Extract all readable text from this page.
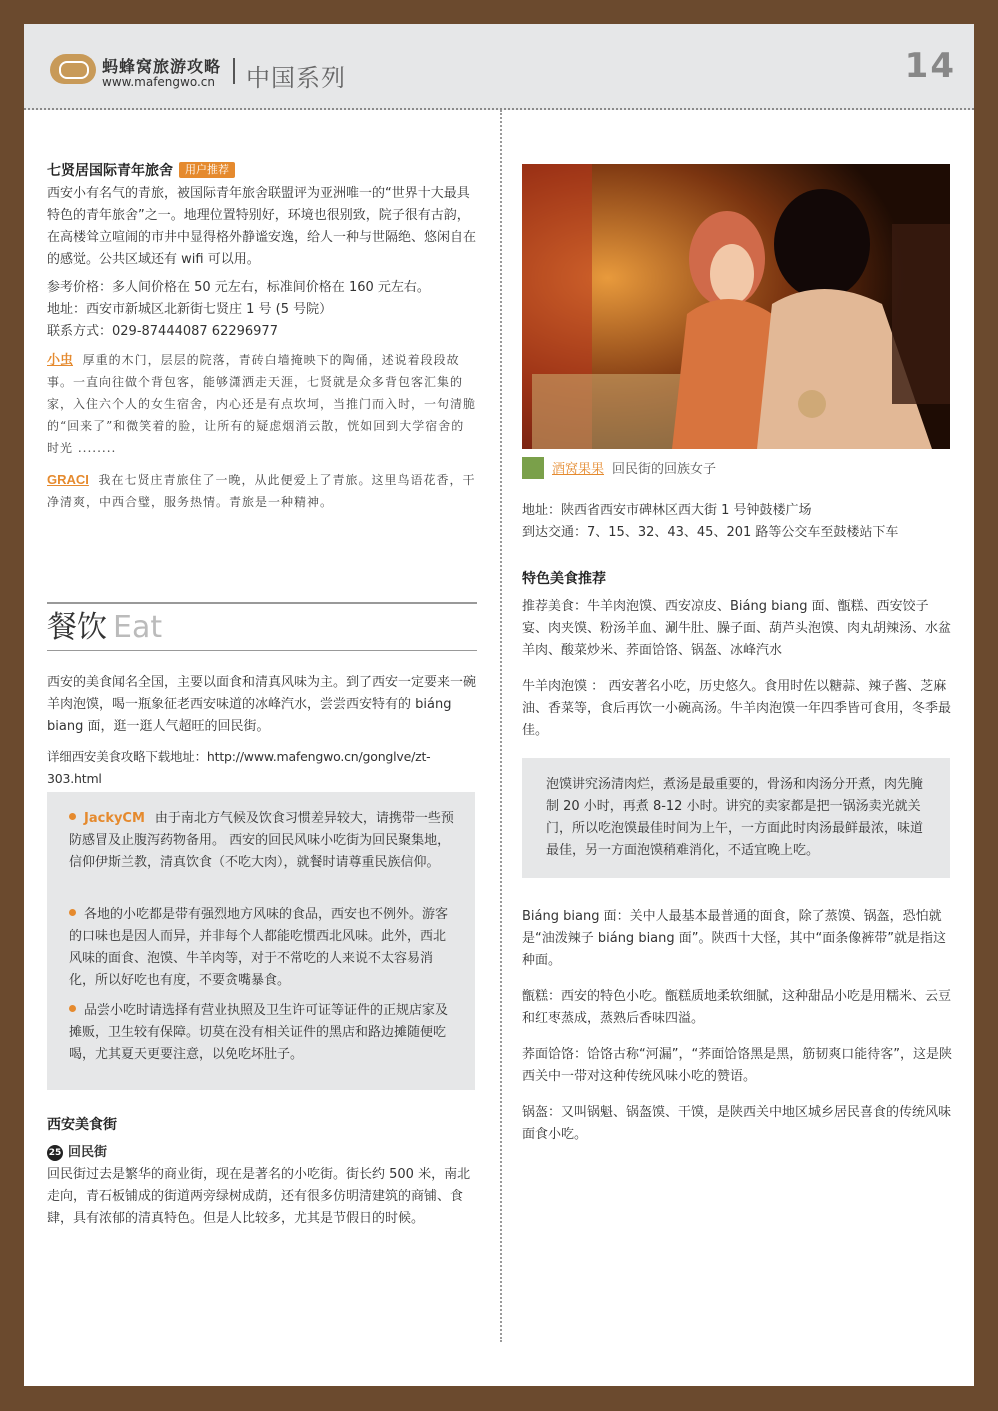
蚂蜂窝旅游攻略
www.mafengwo.cn 中国系列	14

七贤居国际青年旅舍 用户推荐

西安小有名气的青旅，被国际青年旅舍联盟评为亚洲唯一的“世界十大最具特色的青年旅舍”之一。地理位置特别好，环境也很别致，院子很有古韵，在高楼耸立喧闹的市井中显得格外静谧安逸，给人一种与世隔绝、悠闲自在的感觉。公共区域还有 wifi 可以用。

参考价格：多人间价格在 50 元左右，标准间价格在 160 元左右。

地址：西安市新城区北新街七贤庄 1 号 (5 号院）

联系方式：029-87444087 62296977

小虫 厚重的木门，层层的院落，青砖白墙掩映下的陶俑，述说着段段故事。一直向往做个背包客，能够潇洒走天涯，七贤就是众多背包客汇集的家，入住六个人的女生宿舍，内心还是有点坎坷，当推门而入时，一句清脆的“回来了”和微笑着的脸，让所有的疑虑烟消云散，恍如回到大学宿舍的时光 ........

GRACI 我在七贤庄青旅住了一晚，从此便爱上了青旅。这里鸟语花香，干净清爽，中西合璧，服务热情。青旅是一种精神。

餐饮 Eat

西安的美食闻名全国，主要以面食和清真风味为主。到了西安一定要来一碗羊肉泡馍，喝一瓶象征老西安味道的冰峰汽水，尝尝西安特有的 biáng biang 面，逛一逛人气超旺的回民街。

详细西安美食攻略下载地址：http://www.mafengwo.cn/gonglve/zt-303.html

JackyCM 由于南北方气候及饮食习惯差异较大，请携带一些预防感冒及止腹泻药物备用。 西安的回民风味小吃街为回民聚集地，信仰伊斯兰教，清真饮食（不吃大肉），就餐时请尊重民族信仰。
各地的小吃都是带有强烈地方风味的食品，西安也不例外。游客的口味也是因人而异，并非每个人都能吃惯西北风味。此外，西北风味的面食、泡馍、牛羊肉等，对于不常吃的人来说不太容易消化，所以好吃也有度，不要贪嘴暴食。
品尝小吃时请选择有营业执照及卫生许可证等证件的正规店家及摊贩，卫生较有保障。切莫在没有相关证件的黑店和路边摊随便吃喝，尤其夏天更要注意，以免吃坏肚子。

西安美食街

25 回民街

回民街过去是繁华的商业街，现在是著名的小吃街。街长约 500 米，南北走向，青石板铺成的街道两旁绿树成荫，还有很多仿明清建筑的商铺、食肆，具有浓郁的清真特色。但是人比较多，尤其是节假日的时候。

酒窝果果 回民街的回族女子

地址：陕西省西安市碑林区西大街 1 号钟鼓楼广场

到达交通：7、15、32、43、45、201 路等公交车至鼓楼站下车

特色美食推荐

推荐美食：牛羊肉泡馍、西安凉皮、Biáng biang 面、甑糕、西安饺子宴、肉夹馍、粉汤羊血、涮牛肚、臊子面、葫芦头泡馍、肉丸胡辣汤、水盆羊肉、酸菜炒米、荞面饸饹、锅盔、冰峰汽水

牛羊肉泡馍 ： 西安著名小吃，历史悠久。食用时佐以糖蒜、辣子酱、芝麻油、香菜等，食后再饮一小碗高汤。牛羊肉泡馍一年四季皆可食用，冬季最佳。

泡馍讲究汤清肉烂，煮汤是最重要的，骨汤和肉汤分开煮，肉先腌制 20 小时，再煮 8-12 小时。讲究的卖家都是把一锅汤卖光就关门，所以吃泡馍最佳时间为上午，一方面此时肉汤最鲜最浓，味道最佳，另一方面泡馍稍难消化，不适宜晚上吃。

Biáng biang 面：关中人最基本最普通的面食，除了蒸馍、锅盔，恐怕就是“油泼辣子 biáng biang 面”。陕西十大怪，其中“面条像裤带”就是指这种面。

甑糕：西安的特色小吃。甑糕质地柔软细腻，这种甜品小吃是用糯米、云豆和红枣蒸成，蒸熟后香味四溢。

荞面饸饹：饸饹古称“河漏”，“荞面饸饹黑是黑，筋韧爽口能待客”，这是陕西关中一带对这种传统风味小吃的赞语。

锅盔：又叫锅魁、锅盔馍、干馍，是陕西关中地区城乡居民喜食的传统风味面食小吃。
